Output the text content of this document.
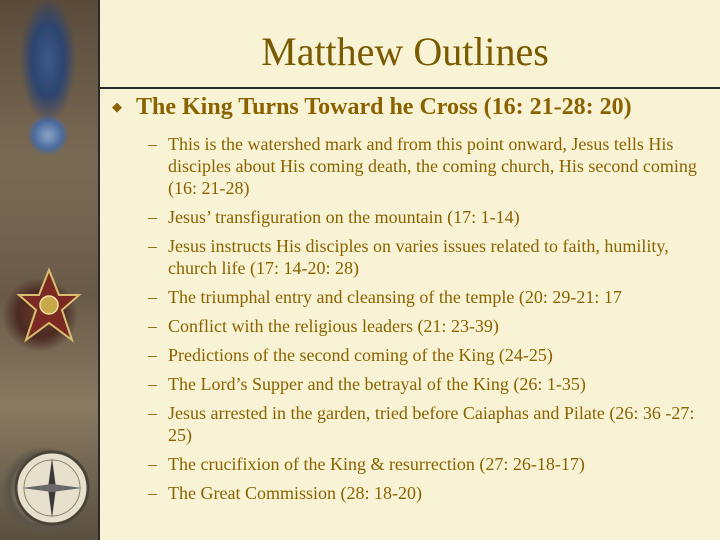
Matthew Outlines
◆ The King Turns Toward he Cross (16: 21-28: 20)
– This is the watershed mark and from this point onward, Jesus tells His disciples about His coming death, the coming church, His second coming (16: 21-28)
– Jesus’ transfiguration on the mountain (17: 1-14)
– Jesus instructs His disciples on varies issues related to faith, humility, church life (17: 14-20: 28)
– The triumphal entry and cleansing of the temple (20: 29-21: 17
– Conflict with the religious leaders (21: 23-39)
– Predictions of the second coming of the King (24-25)
– The Lord’s Supper and the betrayal of the King (26: 1-35)
– Jesus arrested in the garden, tried before Caiaphas and Pilate (26: 36 -27: 25)
– The crucifixion of the King & resurrection (27: 26-18-17)
– The Great Commission (28: 18-20)
